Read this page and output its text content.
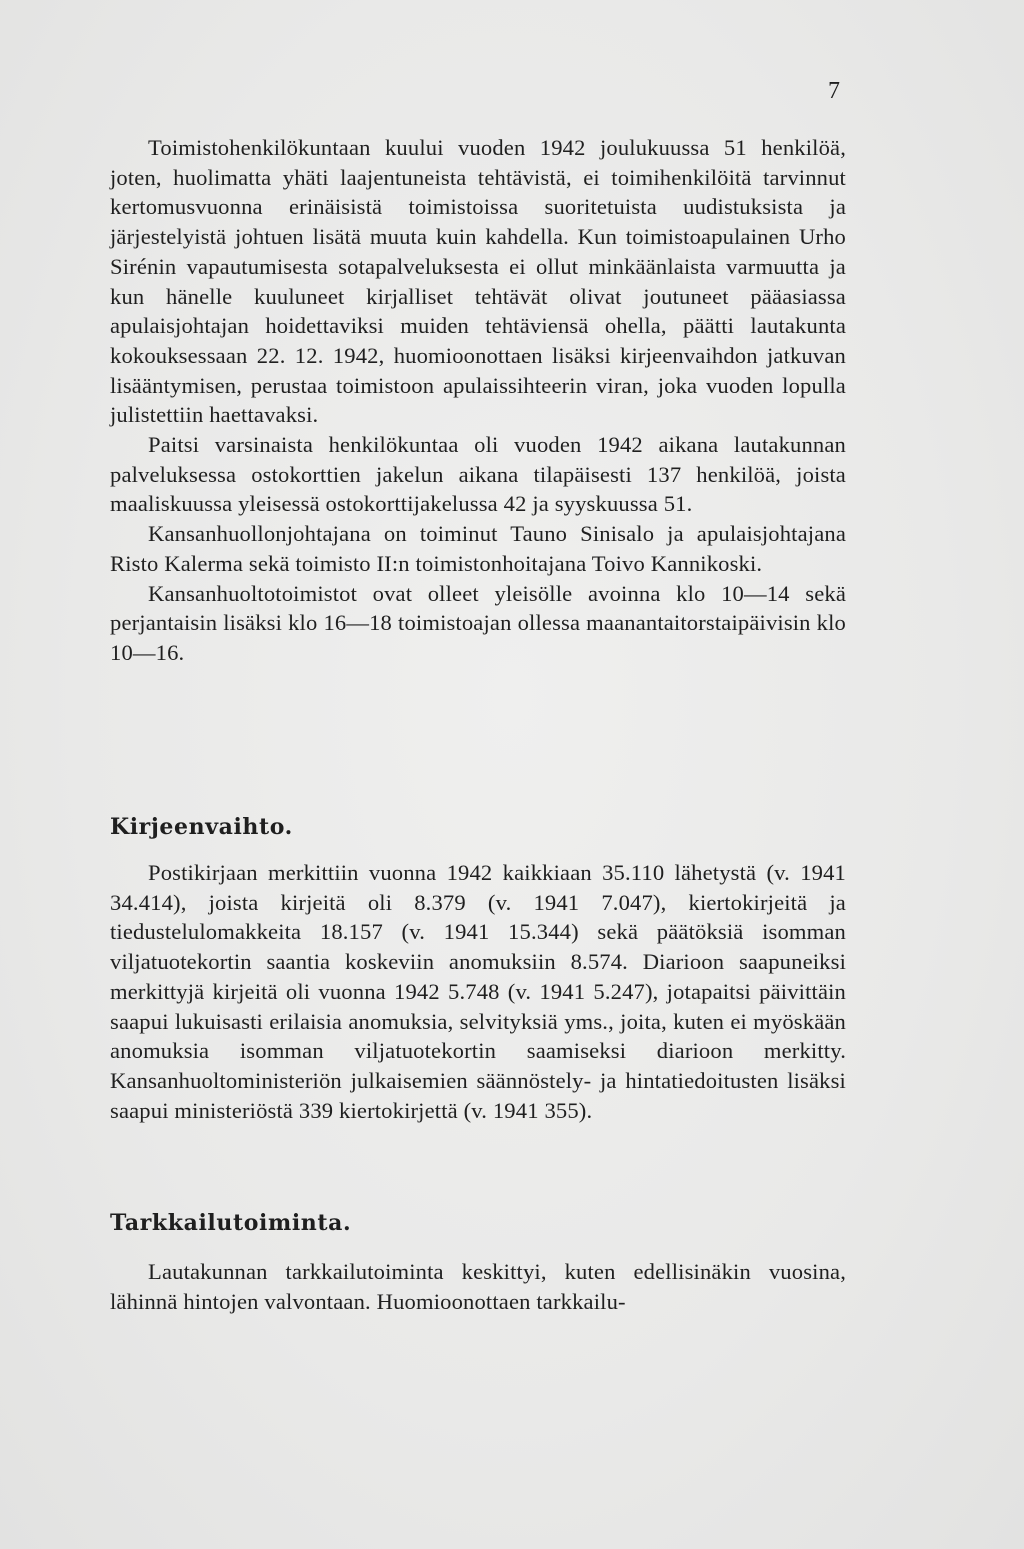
7

Toimistohenkilökuntaan kuului vuoden 1942 joulukuussa 51 henkilöä, joten, huolimatta yhäti laajentuneista tehtävistä, ei toimihenkilöitä tarvinnut kertomusvuonna erinäisistä toimistoissa suoritetuista uudistuksista ja järjestelyistä johtuen lisätä muuta kuin kahdella. Kun toimistoapulainen Urho Sirénin vapautumisesta sotapalveluksesta ei ollut minkäänlaista varmuutta ja kun hänelle kuuluneet kirjalliset tehtävät olivat joutuneet pääasiassa apulaisjohtajan hoidettaviksi muiden tehtäviensä ohella, päätti lautakunta kokouksessaan 22. 12. 1942, huomioonottaen lisäksi kirjeenvaihdon jatkuvan lisääntymisen, perustaa toimistoon apulaissihteerin viran, joka vuoden lopulla julistettiin haettavaksi.

Paitsi varsinaista henkilökuntaa oli vuoden 1942 aikana lautakunnan palveluksessa ostokorttien jakelun aikana tilapäisesti 137 henkilöä, joista maaliskuussa yleisessä ostokorttijakelussa 42 ja syyskuussa 51.

Kansanhuollonjohtajana on toiminut Tauno Sinisalo ja apulaisjohtajana Risto Kalerma sekä toimisto II:n toimistonhoitajana Toivo Kannikoski.

Kansanhuoltotoimistot ovat olleet yleisölle avoinna klo 10—14 sekä perjantaisin lisäksi klo 16—18 toimistoajan ollessa maanantaitorstaipäivisin klo 10—16.

Kirjeenvaihto.

Postikirjaan merkittiin vuonna 1942 kaikkiaan 35.110 lähetystä (v. 1941 34.414), joista kirjeitä oli 8.379 (v. 1941 7.047), kiertokirjeitä ja tiedustelulomakkeita 18.157 (v. 1941 15.344) sekä päätöksiä isomman viljatuotekortin saantia koskeviin anomuksiin 8.574. Diarioon saapuneiksi merkittyjä kirjeitä oli vuonna 1942 5.748 (v. 1941 5.247), jotapaitsi päivittäin saapui lukuisasti erilaisia anomuksia, selvityksiä yms., joita, kuten ei myöskään anomuksia isomman viljatuotekortin saamiseksi diarioon merkitty. Kansanhuoltoministeriön julkaisemien säännöstely- ja hintatiedoitusten lisäksi saapui ministeriöstä 339 kiertokirjettä (v. 1941 355).

Tarkkailutoiminta.

Lautakunnan tarkkailutoiminta keskittyi, kuten edellisinäkin vuosina, lähinnä hintojen valvontaan. Huomioonottaen tarkkailu-
